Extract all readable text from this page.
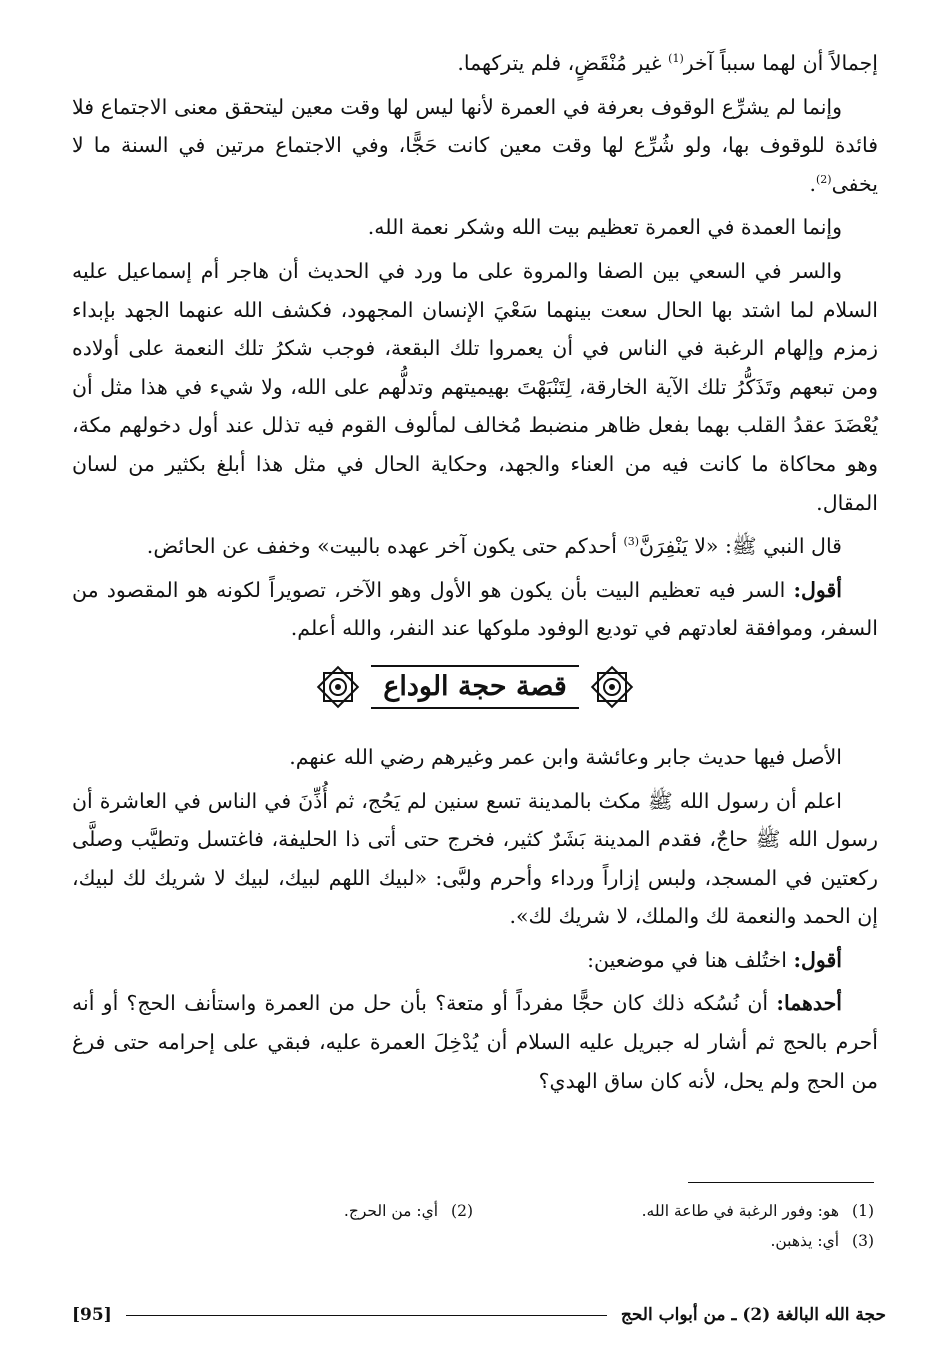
إجمالاً أن لهما سبباً آخر$^{(1)}$ غير مُنْقَضٍ، فلم يتركهما.

وإنما لم يشرِّع الوقوف بعرفة في العمرة لأنها ليس لها وقت معين ليتحقق معنى الاجتماع فلا فائدة للوقوف بها، ولو شُرِّع لها وقت معين كانت حَجًّا، وفي الاجتماع مرتين في السنة ما لا يخفى$^{(2)}$.

وإنما العمدة في العمرة تعظيم بيت الله وشكر نعمة الله.

والسر في السعي بين الصفا والمروة على ما ورد في الحديث أن هاجر أم إسماعيل عليه السلام لما اشتد بها الحال سعت بينهما سَعْيَ الإنسان المجهود، فكشف الله عنهما الجهد بإبداء زمزم وإلهام الرغبة في الناس في أن يعمروا تلك البقعة، فوجب شكرُ تلك النعمة على أولاده ومن تبعهم وتَذَكُّرُ تلك الآية الخارقة، لِتَنْبَهْتَ بهيميتهم وتدلُّهم على الله، ولا شيء في هذا مثل أن يُعْضَدَ عقدُ القلب بهما بفعل ظاهر منضبط مُخالف لمألوف القوم فيه تذلل عند أول دخولهم مكة، وهو محاكاة ما كانت فيه من العناء والجهد، وحكاية الحال في مثل هذا أبلغ بكثير من لسان المقال.

قال النبي ﷺ: «لا يَنْفِرَنَّ$^{(3)}$ أحدكم حتى يكون آخر عهده بالبيت» وخفف عن الحائض.

أقول: السر فيه تعظيم البيت بأن يكون هو الأول وهو الآخر، تصويراً لكونه هو المقصود من السفر، وموافقة لعادتهم في توديع الوفود ملوكها عند النفر، والله أعلم.

قصة حجة الوداع

الأصل فيها حديث جابر وعائشة وابن عمر وغيرهم رضي الله عنهم.

اعلم أن رسول الله ﷺ مكث بالمدينة تسع سنين لم يَحُج، ثم أُذِّنَ في الناس في العاشرة أن رسول الله ﷺ حاجٌ، فقدم المدينة بَشَرٌ كثير، فخرج حتى أتى ذا الحليفة، فاغتسل وتطيَّب وصلَّى ركعتين في المسجد، ولبس إزاراً ورداء وأحرم ولبَّى: «لبيك اللهم لبيك، لبيك لا شريك لك لبيك، إن الحمد والنعمة لك والملك، لا شريك لك».

أقول: اختُلف هنا في موضعين:

أحدهما: أن نُسُكه ذلك كان حجًّا مفرداً أو متعة؟ بأن حل من العمرة واستأنف الحج؟ أو أنه أحرم بالحج ثم أشار له جبريل عليه السلام أن يُدْخِلَ العمرة عليه، فبقي على إحرامه حتى فرغ من الحج ولم يحل، لأنه كان ساق الهدي؟

(1) هو: وفور الرغبة في طاعة الله.
(2) أي: من الحرج.
(3) أي: يذهبن.
حجة الله البالغة (2) ـ من أبواب الحج
[95]
